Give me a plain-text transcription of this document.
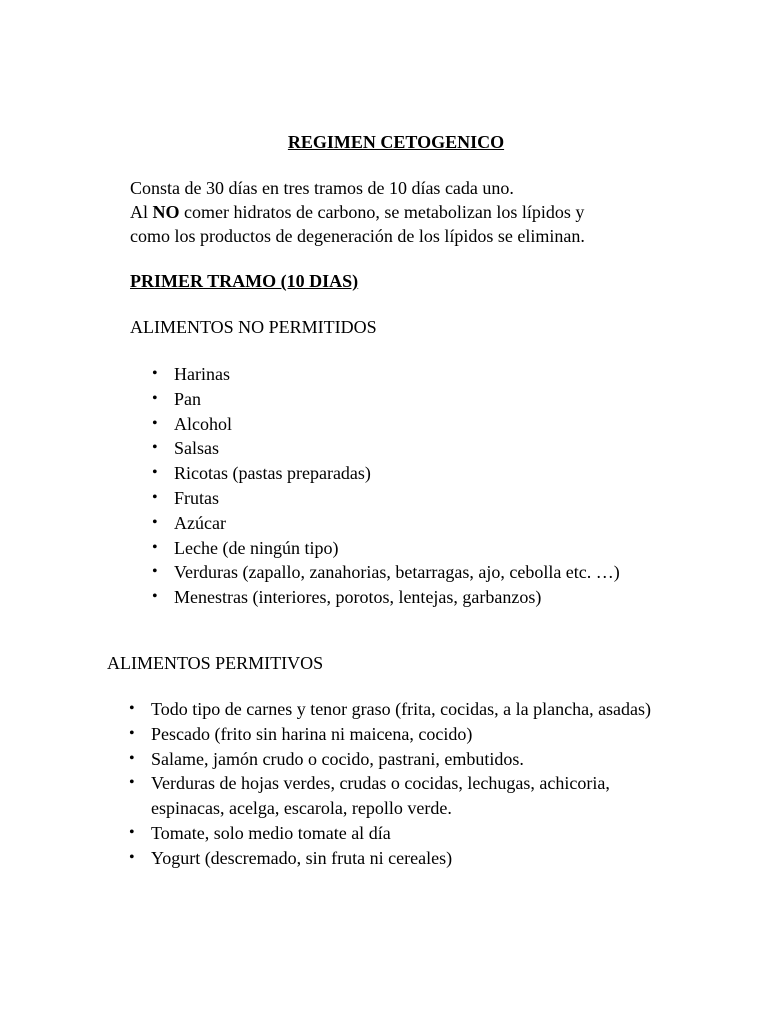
REGIMEN CETOGENICO

Consta de 30 días en tres tramos de 10 días cada uno.

Al NO comer hidratos de carbono, se metabolizan los lípidos y

como los productos de degeneración de los lípidos se eliminan.

PRIMER TRAMO (10 DIAS)
ALIMENTOS NO PERMITIDOS
• Harinas
• Pan
• Alcohol
• Salsas
• Ricotas (pastas preparadas)
• Frutas
• Azúcar
• Leche (de ningún tipo)
• Verduras (zapallo, zanahorias, betarragas, ajo, cebolla etc. …)
• Menestras (interiores, porotos, lentejas, garbanzos)
ALIMENTOS PERMITIVOS
• Todo tipo de carnes y tenor graso (frita, cocidas, a la plancha, asadas)
• Pescado (frito sin harina ni maicena, cocido)
• Salame, jamón crudo o cocido, pastrani, embutidos.
• Verduras de hojas verdes, crudas o cocidas, lechugas, achicoria, espinacas, acelga, escarola, repollo verde.
• Tomate, solo medio tomate al día
• Yogurt (descremado, sin fruta ni cereales)
